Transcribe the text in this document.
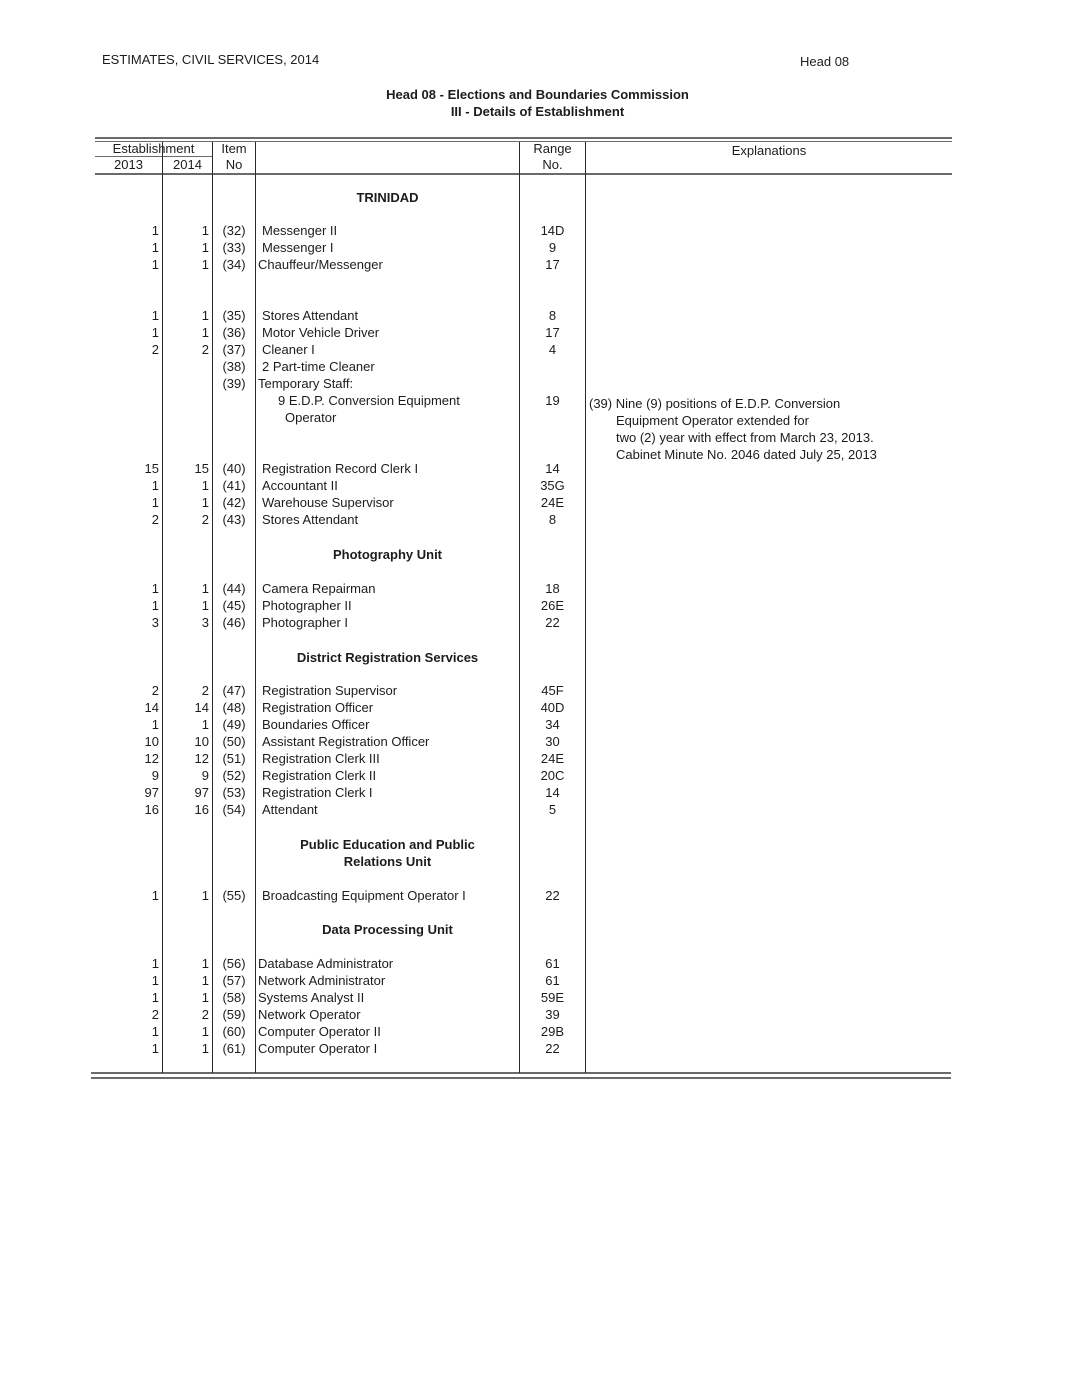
ESTIMATES, CIVIL SERVICES, 2014	Head 08
Head 08 - Elections and Boundaries Commission
III - Details of Establishment
Establishment
2013	2014
Item
No
Range
No.
Explanations
TRINIDAD
Photography Unit
District Registration Services
Public Education and Public
Relations Unit
Data Processing Unit
1	1	(32)	Messenger II	14D
1	1	(33)	Messenger I	9
1	1	(34) Chauffeur/Messenger	17
1	1	(35)	Stores Attendant	8
1	1	(36)	Motor Vehicle Driver	17
2	2	(37)	Cleaner I	4
(38)	2 Part-time Cleaner
(39) Temporary Staff:
9 E.D.P. Conversion Equipment	19
Operator
15	15	(40)	Registration Record Clerk I	14
1	1	(41)	Accountant II	35G
1	1	(42)	Warehouse Supervisor	24E
2	2	(43)	Stores Attendant	8
1	1	(44)	Camera Repairman	18
1	1	(45)	Photographer II	26E
3	3	(46)	Photographer I	22
2	2	(47)	Registration Supervisor	45F
14	14	(48)	Registration Officer	40D
1	1	(49)	Boundaries Officer	34
10	10	(50)	Assistant Registration Officer	30
12	12	(51)	Registration Clerk III	24E
9	9	(52)	Registration Clerk II	20C
97	97	(53)	Registration Clerk I	14
16	16	(54)	Attendant	5
1	1	(55)	Broadcasting Equipment Operator I	22
1	1	(56) Database Administrator	61
1	1	(57) Network Administrator	61
1	1	(58) Systems Analyst II	59E
2	2	(59) Network Operator	39
1	1	(60) Computer Operator II	29B
1	1	(61) Computer Operator I	22
(39) Nine (9) positions of E.D.P. Conversion
Equipment Operator extended for
two (2) year with effect from March 23, 2013.
Cabinet Minute No. 2046 dated July 25, 2013
